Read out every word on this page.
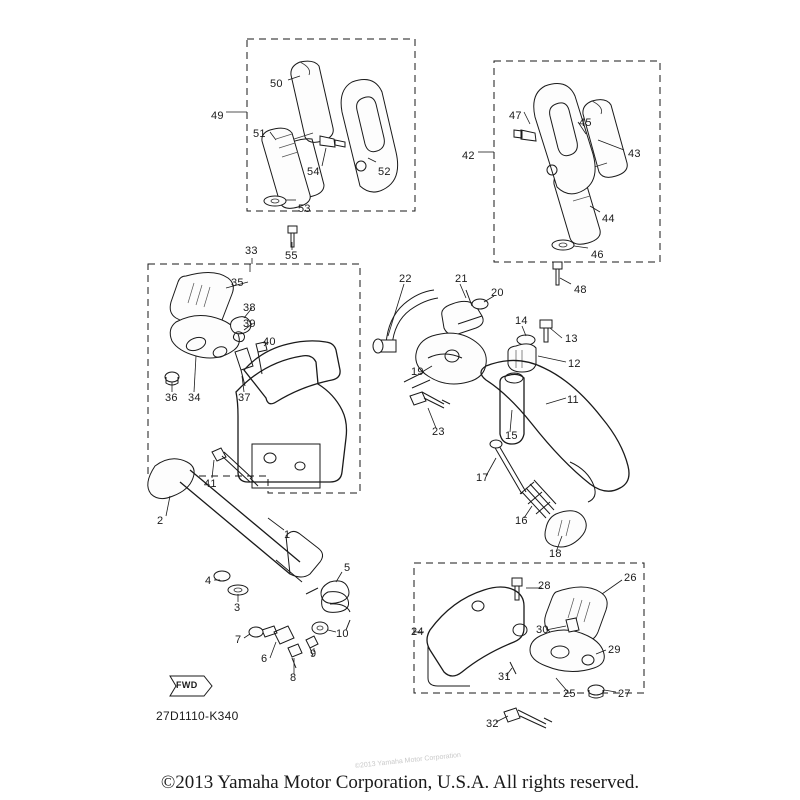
49
50
51
52
53
54
55
42
47
45
43
44
46
48
33
35
38
39
40
36 34	37
41
2
1
4
3
5
7
6
8
9
10
22	21
20
14
13
12
19
23	15
11
17
16
18
24
28
26
30
29
31
25	27
32
FWD
27D1110-K340
©2013 Yamaha Motor Corporation
©2013 Yamaha Motor Corporation, U.S.A. All rights reserved.
